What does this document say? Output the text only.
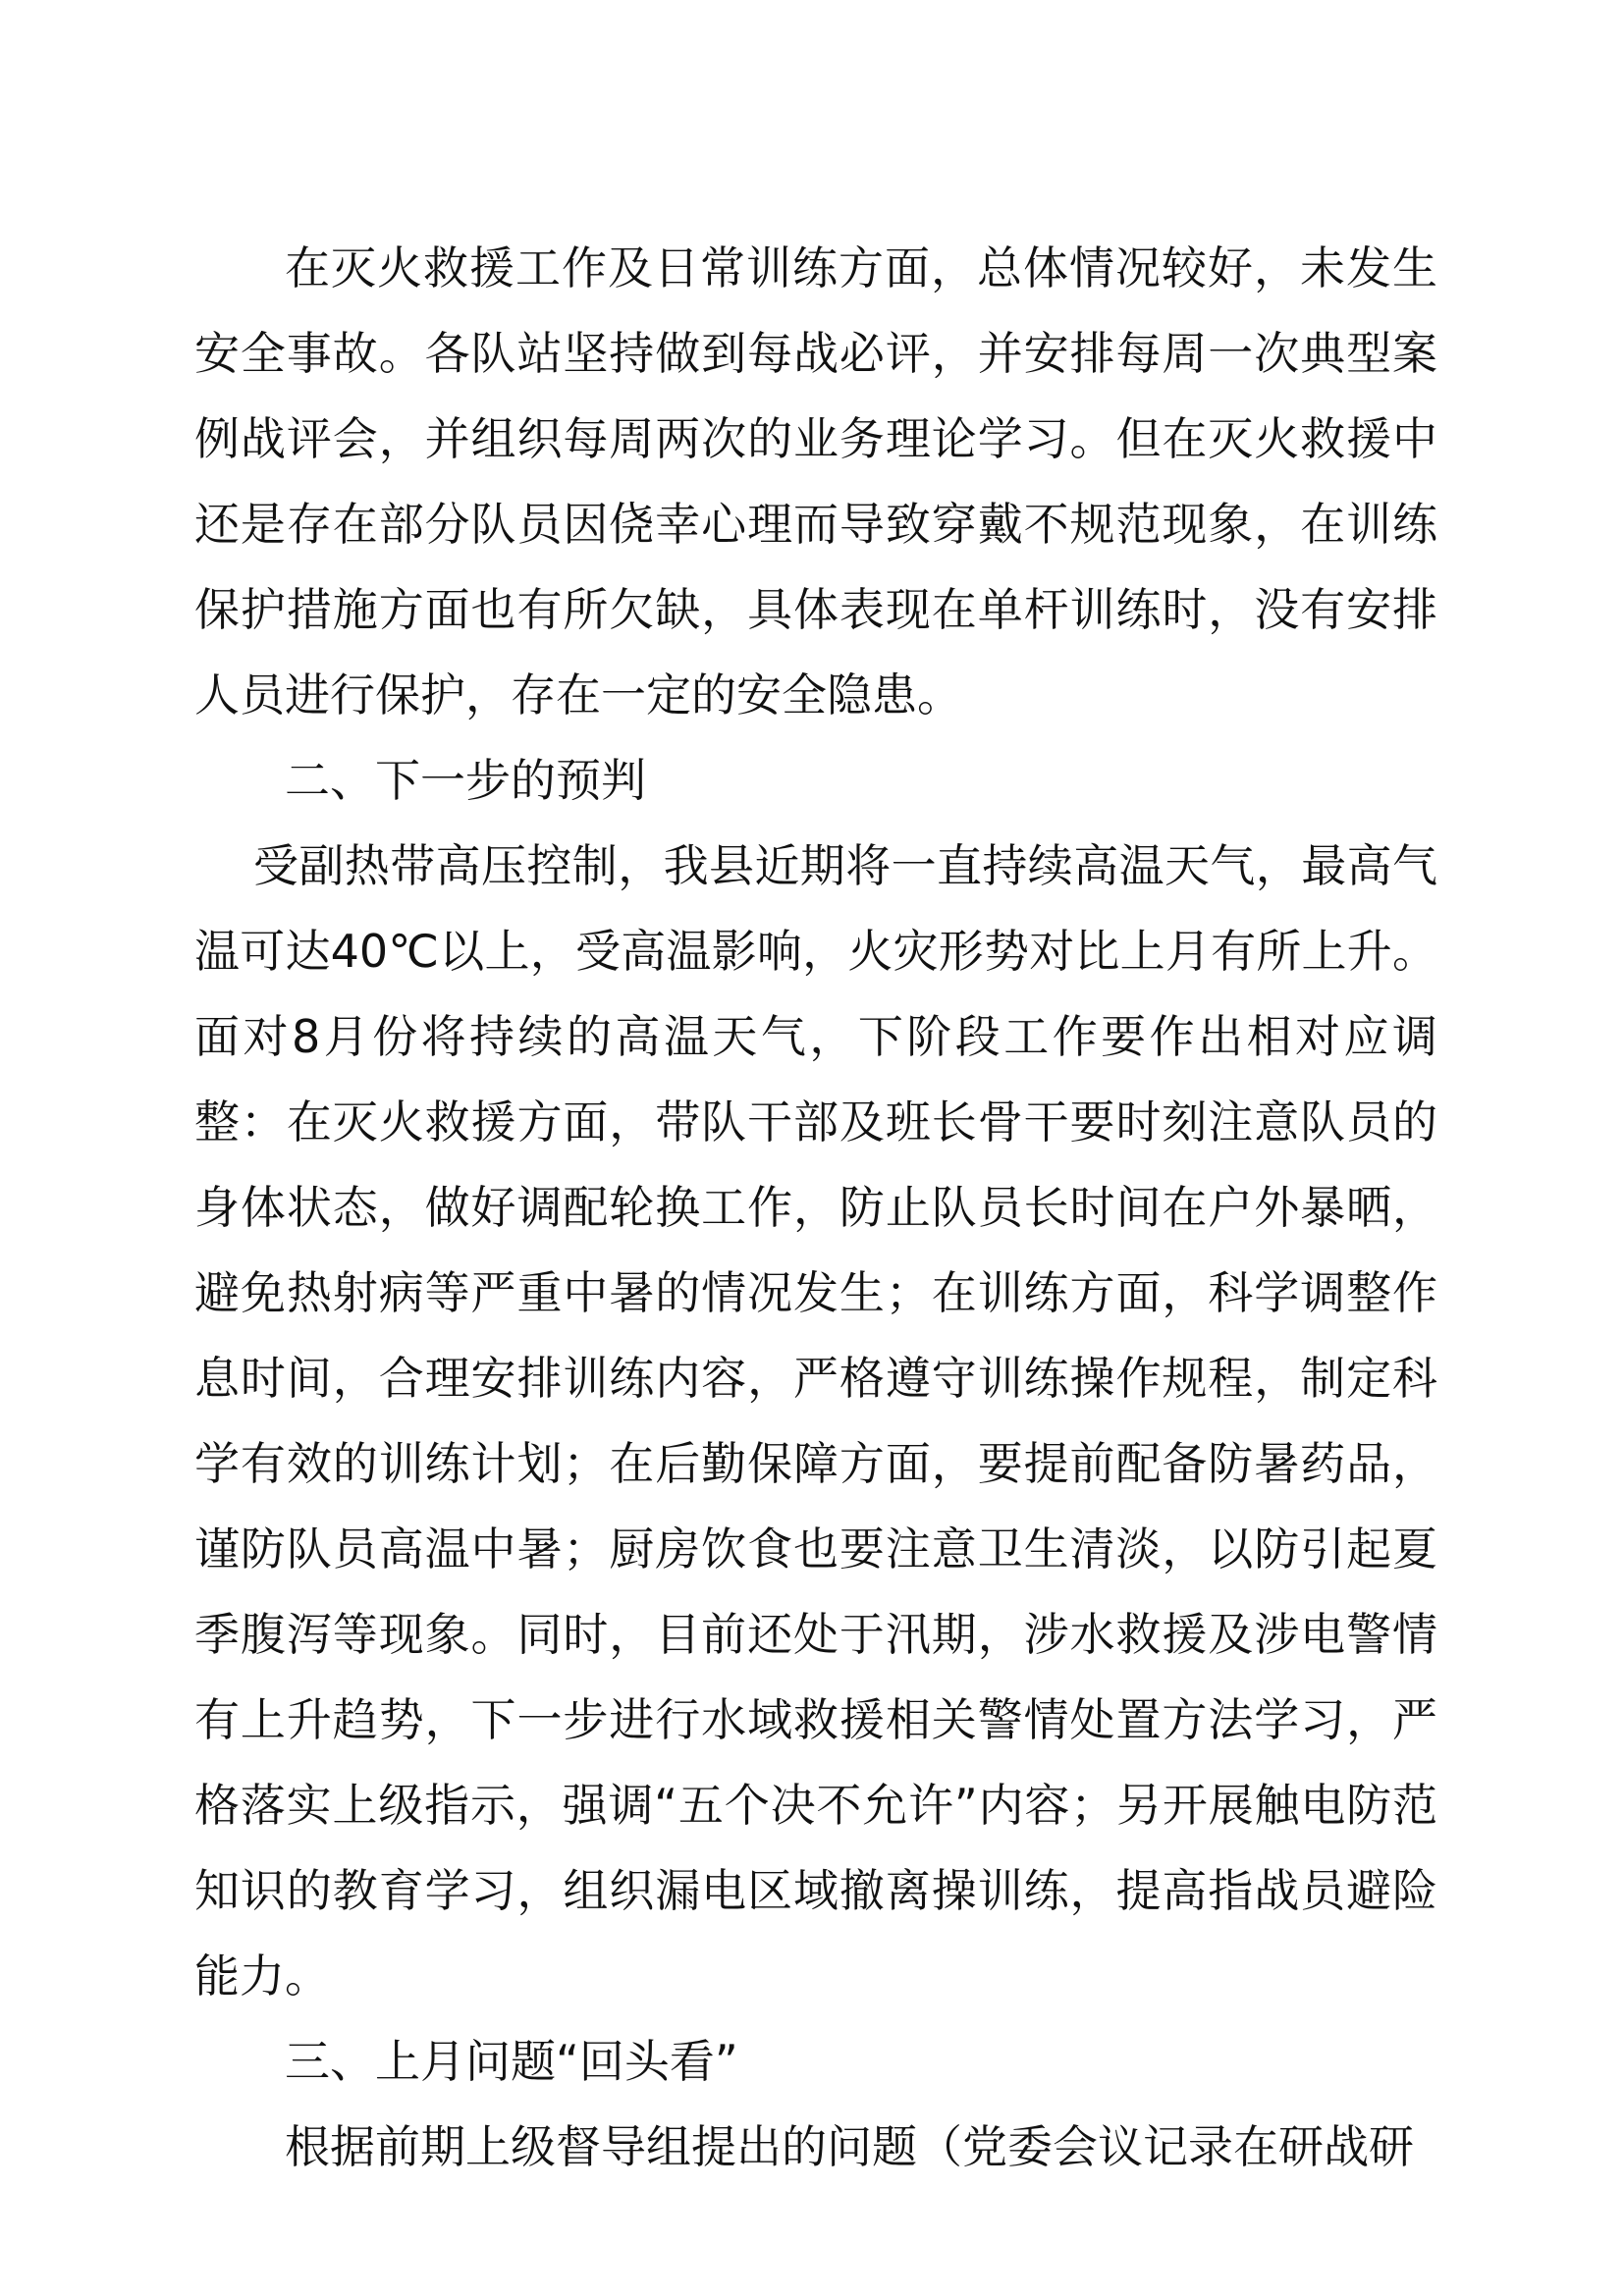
在灭火救援工作及日常训练方面，总体情况较好，未发生安全事故。各队站坚持做到每战必评，并安排每周一次典型案例战评会，并组织每周两次的业务理论学习。但在灭火救援中还是存在部分队员因侥幸心理而导致穿戴不规范现象，在训练保护措施方面也有所欠缺，具体表现在单杆训练时，没有安排人员进行保护，存在一定的安全隐患。

二、下一步的预判

受副热带高压控制，我县近期将一直持续高温天气，最高气温可达40℃以上，受高温影响，火灾形势对比上月有所上升。面对8月份将持续的高温天气，下阶段工作要作出相对应调整：在灭火救援方面，带队干部及班长骨干要时刻注意队员的身体状态，做好调配轮换工作，防止队员长时间在户外暴晒，避免热射病等严重中暑的情况发生；在训练方面，科学调整作息时间，合理安排训练内容，严格遵守训练操作规程，制定科学有效的训练计划；在后勤保障方面，要提前配备防暑药品，谨防队员高温中暑；厨房饮食也要注意卫生清淡，以防引起夏季腹泻等现象。同时，目前还处于汛期，涉水救援及涉电警情有上升趋势，下一步进行水域救援相关警情处置方法学习，严格落实上级指示，强调“五个决不允许”内容；另开展触电防范知识的教育学习，组织漏电区域撤离操训练，提高指战员避险能力。

三、上月问题“回头看”

根据前期上级督导组提出的问题（党委会议记录在研战研
